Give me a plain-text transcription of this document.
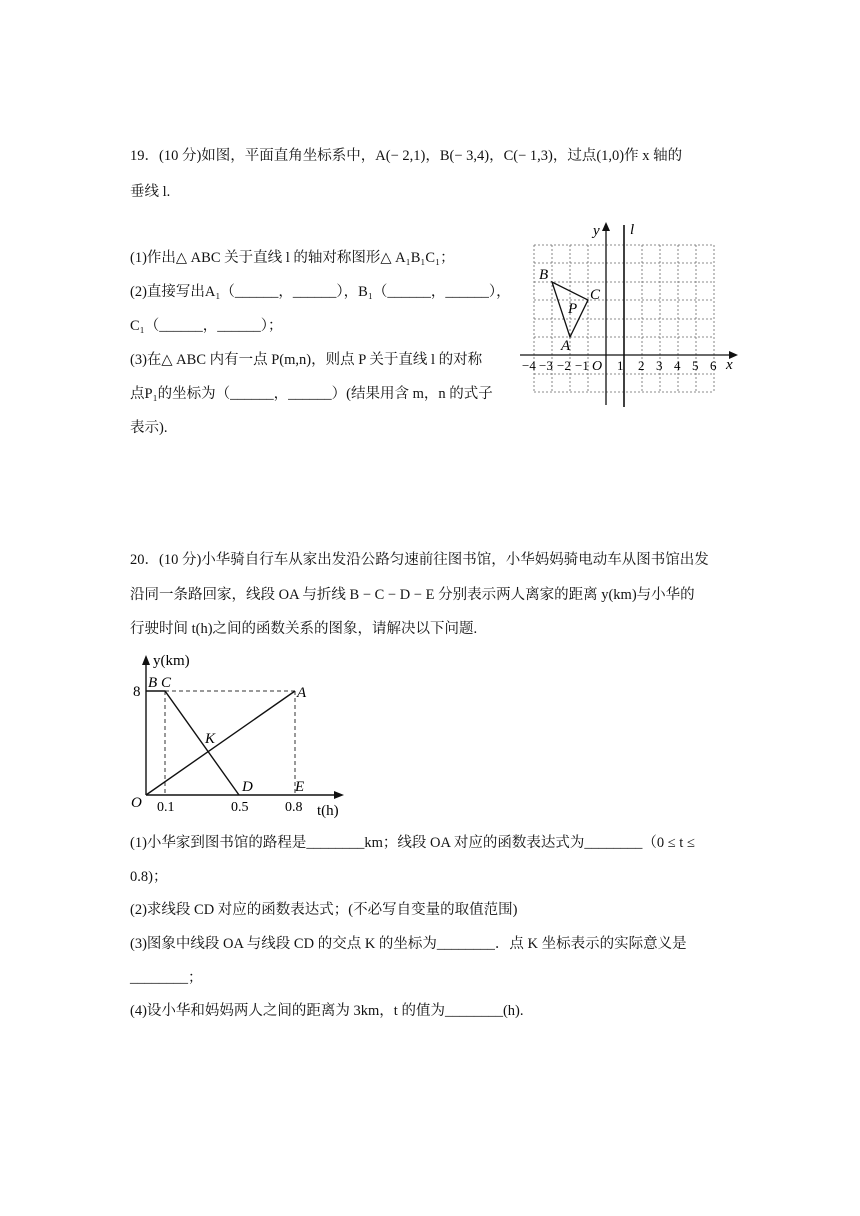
19．(10 分)如图，平面直角坐标系中，A(− 2,1)，B(− 3,4)，C(− 1,3)，过点(1,0)作 x 轴的
垂线 l.
(1)作出△ ABC 关于直线 l 的轴对称图形△ A₁B₁C₁；
(2)直接写出A₁（______，______），B₁（______，______），
C₁（______，______）；
(3)在△ ABC 内有一点 P(m,n)，则点 P 关于直线 l 的对称
点P₁的坐标为（______，______）(结果用含 m，n 的式子
表示).
y l
x
O
B
C
P
A
−4 −3 −2 −1 1 2 3 4 5 6
20．(10 分)小华骑自行车从家出发沿公路匀速前往图书馆，小华妈妈骑电动车从图书馆出发
沿同一条路回家，线段 OA 与折线 B − C − D − E 分别表示两人离家的距离 y(km)与小华的
行驶时间 t(h)之间的函数关系的图象，请解决以下问题.
y(km)
8
B C
A
K
D	E
O 0.1	0.5	0.8 t(h)
(1)小华家到图书馆的路程是________km；线段 OA 对应的函数表达式为________（0 ≤ t ≤
0.8)；
(2)求线段 CD 对应的函数表达式；(不必写自变量的取值范围)
(3)图象中线段 OA 与线段 CD 的交点 K 的坐标为________．点 K 坐标表示的实际意义是
________；
(4)设小华和妈妈两人之间的距离为 3km，t 的值为________(h).
